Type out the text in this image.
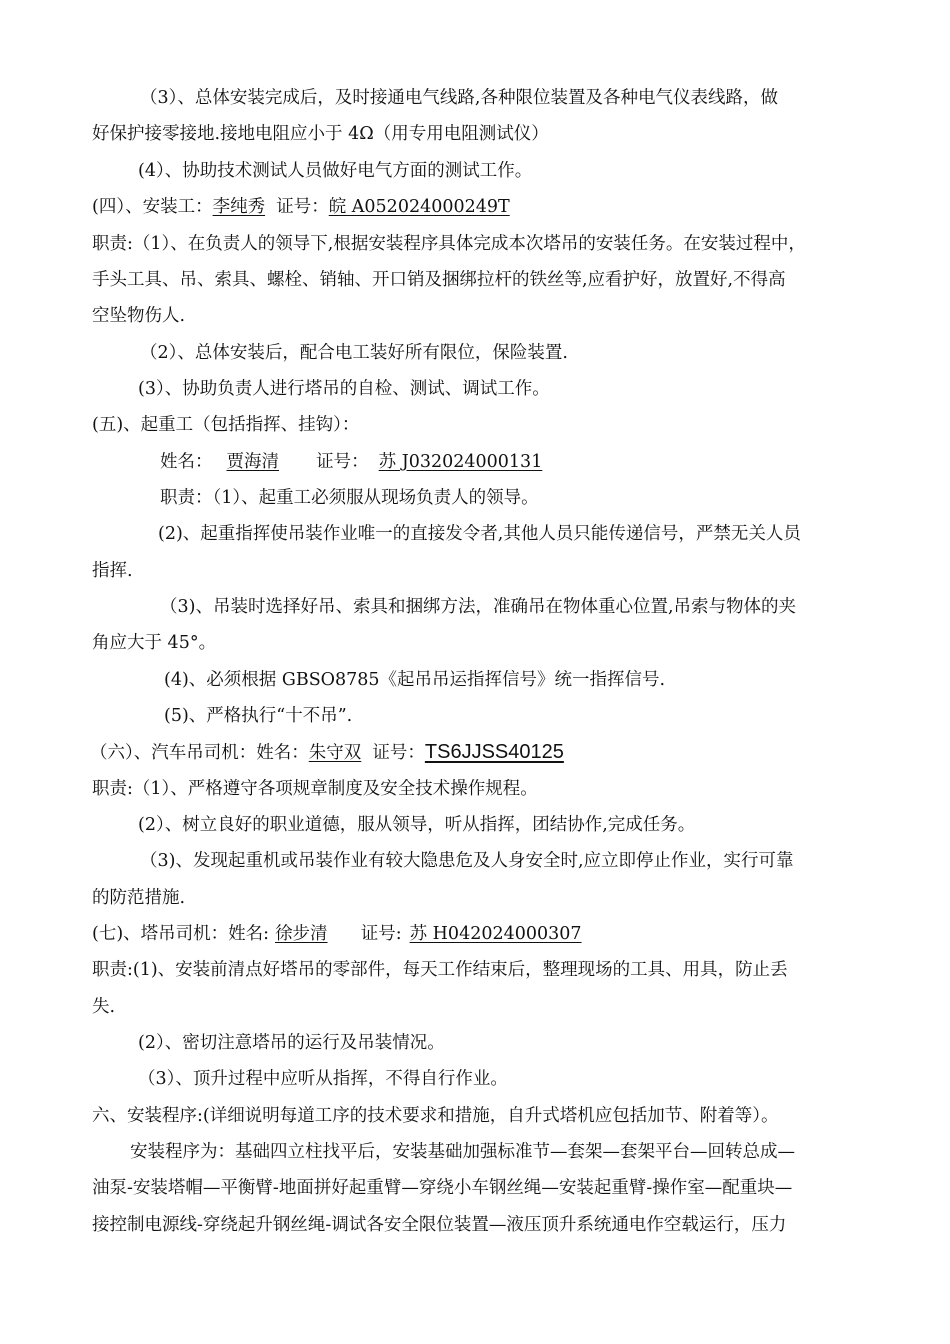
（3）、总体安装完成后，及时接通电气线路,各种限位装置及各种电气仪表线路，做
好保护接零接地.接地电阻应小于 4Ω（用专用电阻测试仪）
(4）、协助技术测试人员做好电气方面的测试工作。
(四）、安装工：李纯秀 证号：皖 A052024000249T
职责:（1）、在负责人的领导下,根据安装程序具体完成本次塔吊的安装任务。在安装过程中，
手头工具、吊、索具、螺栓、销轴、开口销及捆绑拉杆的铁丝等,应看护好，放置好,不得高
空坠物伤人.
（2）、总体安装后，配合电工装好所有限位，保险装置.
(3）、协助负责人进行塔吊的自检、测试、调试工作。
(五)、起重工（包括指挥、挂钩）：
姓名： 贾海清 证号： 苏 J032024000131
职责：（1）、起重工必须服从现场负责人的领导。
(2)、起重指挥使吊装作业唯一的直接发令者,其他人员只能传递信号，严禁无关人员
指挥.
（3)、吊装时选择好吊、索具和捆绑方法，准确吊在物体重心位置,吊索与物体的夹
角应大于 45°。
(4)、必须根据 GBSO8785《起吊吊运指挥信号》统一指挥信号.
(5)、严格执行“十不吊”.
（六）、汽车吊司机：姓名：朱守双 证号：TS6JJSS40125
职责:（1）、严格遵守各项规章制度及安全技术操作规程。
(2）、树立良好的职业道德，服从领导，听从指挥，团结协作,完成任务。
（3)、发现起重机或吊装作业有较大隐患危及人身安全时,应立即停止作业，实行可靠
的防范措施.
(七)、塔吊司机：姓名: 徐步清 证号: 苏 H042024000307
职责:(1)、安装前清点好塔吊的零部件，每天工作结束后，整理现场的工具、用具，防止丢
失.
(2）、密切注意塔吊的运行及吊装情况。
（3）、顶升过程中应听从指挥，不得自行作业。
六、安装程序:(详细说明每道工序的技术要求和措施，自升式塔机应包括加节、附着等）。
安装程序为：基础四立柱找平后，安装基础加强标准节—套架—套架平台—回转总成—
油泵-安装塔帽—平衡臂-地面拼好起重臂—穿绕小车钢丝绳—安装起重臂-操作室—配重块—
接控制电源线-穿绕起升钢丝绳-调试各安全限位装置—液压顶升系统通电作空载运行，压力
